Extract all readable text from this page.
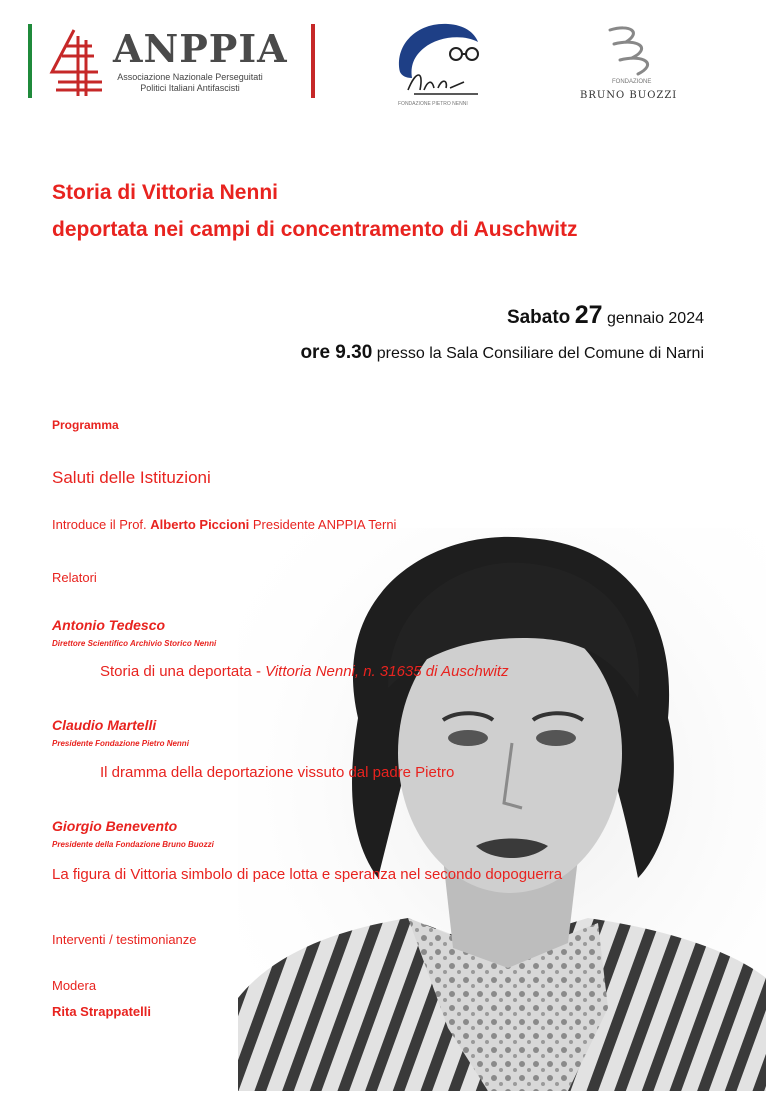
ANPPIA
Associazione Nazionale Perseguitati
Politici Italiani Antifascisti
FONDAZIONE PIETRO NENNI
FONDAZIONE
BRUNO BUOZZI
Storia di Vittoria Nenni
deportata nei campi di concentramento di Auschwitz
Sabato 27 gennaio 2024
ore 9.30 presso la Sala Consiliare del Comune di Narni
Programma
Saluti delle Istituzioni
Introduce il Prof. Alberto Piccioni Presidente ANPPIA Terni
Relatori
Antonio Tedesco
Direttore Scientifico Archivio Storico Nenni
Storia di una deportata - Vittoria Nenni, n. 31635 di Auschwitz
Claudio Martelli
Presidente Fondazione Pietro Nenni
Il dramma della deportazione vissuto dal padre Pietro
Giorgio Benevento
Presidente della Fondazione Bruno Buozzi
La figura di Vittoria simbolo di pace lotta e speranza nel secondo dopoguerra
Interventi / testimonianze
Modera
Rita Strappatelli
